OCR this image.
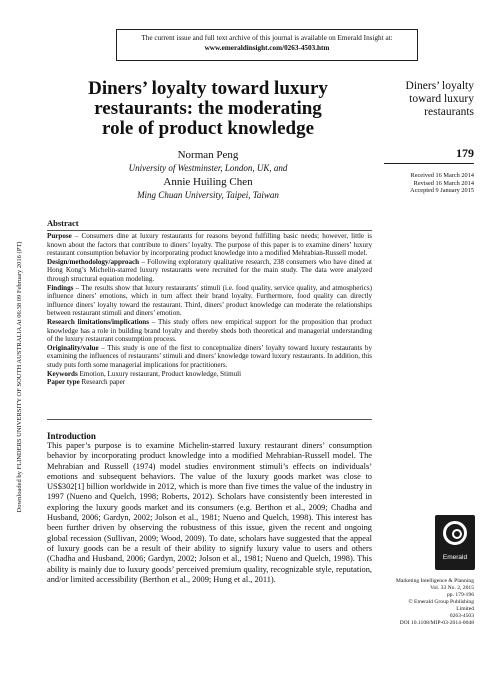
The current issue and full text archive of this journal is available on Emerald Insight at:
www.emeraldinsight.com/0263-4503.htm
Downloaded by FLINDERS UNIVERSITY OF SOUTH AUSTRALIA At 06:38 09 February 2016 (PT)
Diners’ loyalty toward luxury
restaurants: the moderating
role of product knowledge
Norman Peng
University of Westminster, London, UK, and
Annie Huiling Chen
Ming Chuan University, Taipei, Taiwan
Diners’ loyalty
toward luxury
restaurants
179
Received 16 March 2014
Revised 16 March 2014
Accepted 9 January 2015
Abstract

Purpose – Consumers dine at luxury restaurants for reasons beyond fulfilling basic needs; however, little is known about the factors that contribute to diners’ loyalty. The purpose of this paper is to examine diners’ luxury restaurant consumption behavior by incorporating product knowledge into a modified Mehrabian-Russell model.

Design/methodology/approach – Following exploratory qualitative research, 238 consumers who have dined at Hong Kong’s Michelin-starred luxury restaurants were recruited for the main study. The data were analyzed through structural equation modeling.

Findings – The results show that luxury restaurants’ stimuli (i.e. food quality, service quality, and atmospherics) influence diners’ emotions, which in turn affect their brand loyalty. Furthermore, food quality can directly influence diners’ loyalty toward the restaurant. Third, diners’ product knowledge can moderate the relationships between restaurant stimuli and diners’ emotion.

Research limitations/implications – This study offers new empirical support for the proposition that product knowledge has a role in building brand loyalty and thereby sheds both theoretical and managerial understanding of the luxury restaurant consumption process.

Originality/value – This study is one of the first to conceptualize diners’ loyalty toward luxury restaurants by examining the influences of restaurants’ stimuli and diners’ knowledge toward luxury restaurants. In addition, this study puts forth some managerial implications for practitioners.

Keywords Emotion, Luxury restaurant, Product knowledge, Stimuli

Paper type Research paper

Introduction

This paper’s purpose is to examine Michelin-starred luxury restaurant diners’ consumption behavior by incorporating product knowledge into a modified Mehrabian-Russell model. The Mehrabian and Russell (1974) model studies environment stimuli’s effects on individuals’ emotions and subsequent behaviors. The value of the luxury goods market was close to US$302[1] billion worldwide in 2012, which is more than five times the value of the industry in 1997 (Nueno and Quelch, 1998; Roberts, 2012). Scholars have consistently been interested in exploring the luxury goods market and its consumers (e.g. Berthon et al., 2009; Chadha and Husband, 2006; Gardyn, 2002; Jolson et al., 1981; Nueno and Quelch, 1998). This interest has been further driven by observing the robustness of this issue, given the recent and ongoing global recession (Sullivan, 2009; Wood, 2009). To date, scholars have suggested that the appeal of luxury goods can be a result of their ability to signify luxury value to users and others (Chadha and Husband, 2006; Gardyn, 2002; Jolson et al., 1981; Nueno and Quelch, 1998). This ability is mainly due to luxury goods’ perceived premium quality, recognizable style, reputation, and/or limited accessibility (Berthon et al., 2009; Hung et al., 2011).

Emerald
Marketing Intelligence & Planning
Vol. 33 No. 2, 2015
pp. 179-196
© Emerald Group Publishing Limited
0263-4503
DOI 10.1108/MIP-03-2014-0048
